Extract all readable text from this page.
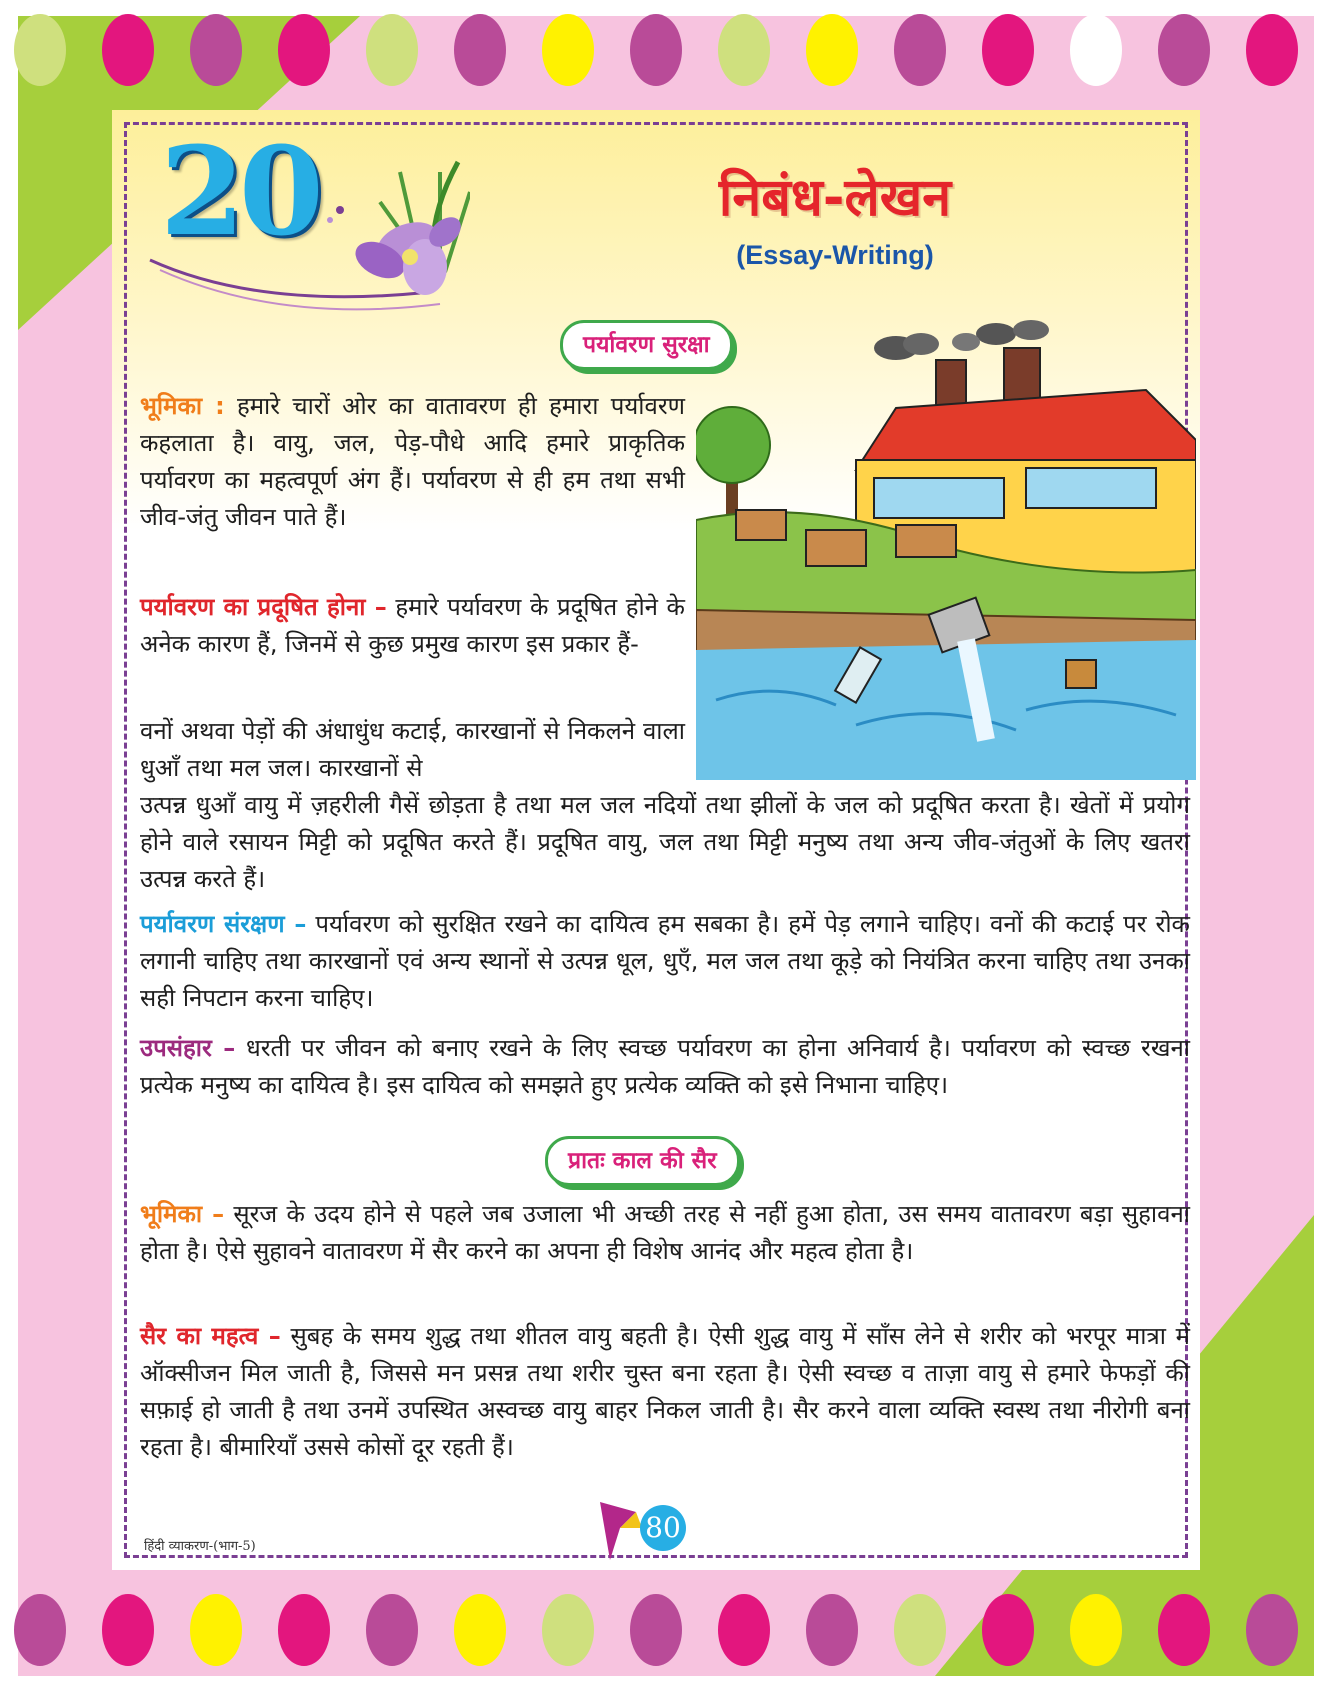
20	निबंध-लेखन
(Essay-Writing)
पर्यावरण सुरक्षा

भूमिका : हमारे चारों ओर का वातावरण ही हमारा पर्यावरण कहलाता है। वायु, जल, पेड़-पौधे आदि हमारे प्राकृतिक पर्यावरण का महत्वपूर्ण अंग हैं। पर्यावरण से ही हम तथा सभी जीव-जंतु जीवन पाते हैं।

पर्यावरण का प्रदूषित होना – हमारे पर्यावरण के प्रदूषित होने के अनेक कारण हैं, जिनमें से कुछ प्रमुख कारण इस प्रकार हैं-

वनों अथवा पेड़ों की अंधाधुंध कटाई, कारखानों से निकलने वाला धुआँ तथा मल जल। कारखानों से

उत्पन्न धुआँ वायु में ज़हरीली गैसें छोड़ता है तथा मल जल नदियों तथा झीलों के जल को प्रदूषित करता है। खेतों में प्रयोग होने वाले रसायन मिट्टी को प्रदूषित करते हैं। प्रदूषित वायु, जल तथा मिट्टी मनुष्य तथा अन्य जीव-जंतुओं के लिए खतरा उत्पन्न करते हैं।

पर्यावरण संरक्षण – पर्यावरण को सुरक्षित रखने का दायित्व हम सबका है। हमें पेड़ लगाने चाहिए। वनों की कटाई पर रोक लगानी चाहिए तथा कारखानों एवं अन्य स्थानों से उत्पन्न धूल, धुएँ, मल जल तथा कूड़े को नियंत्रित करना चाहिए तथा उनका सही निपटान करना चाहिए।

उपसंहार – धरती पर जीवन को बनाए रखने के लिए स्वच्छ पर्यावरण का होना अनिवार्य है। पर्यावरण को स्वच्छ रखना प्रत्येक मनुष्य का दायित्व है। इस दायित्व को समझते हुए प्रत्येक व्यक्ति को इसे निभाना चाहिए।

प्रातः काल की सैर

भूमिका – सूरज के उदय होने से पहले जब उजाला भी अच्छी तरह से नहीं हुआ होता, उस समय वातावरण बड़ा सुहावना होता है। ऐसे सुहावने वातावरण में सैर करने का अपना ही विशेष आनंद और महत्व होता है।

सैर का महत्व – सुबह के समय शुद्ध तथा शीतल वायु बहती है। ऐसी शुद्ध वायु में साँस लेने से शरीर को भरपूर मात्रा में ऑक्सीजन मिल जाती है, जिससे मन प्रसन्न तथा शरीर चुस्त बना रहता है। ऐसी स्वच्छ व ताज़ा वायु से हमारे फेफड़ों की सफ़ाई हो जाती है तथा उनमें उपस्थित अस्वच्छ वायु बाहर निकल जाती है। सैर करने वाला व्यक्ति स्वस्थ तथा नीरोगी बना रहता है। बीमारियाँ उससे कोसों दूर रहती हैं।

80
हिंदी व्याकरण-(भाग-5)
